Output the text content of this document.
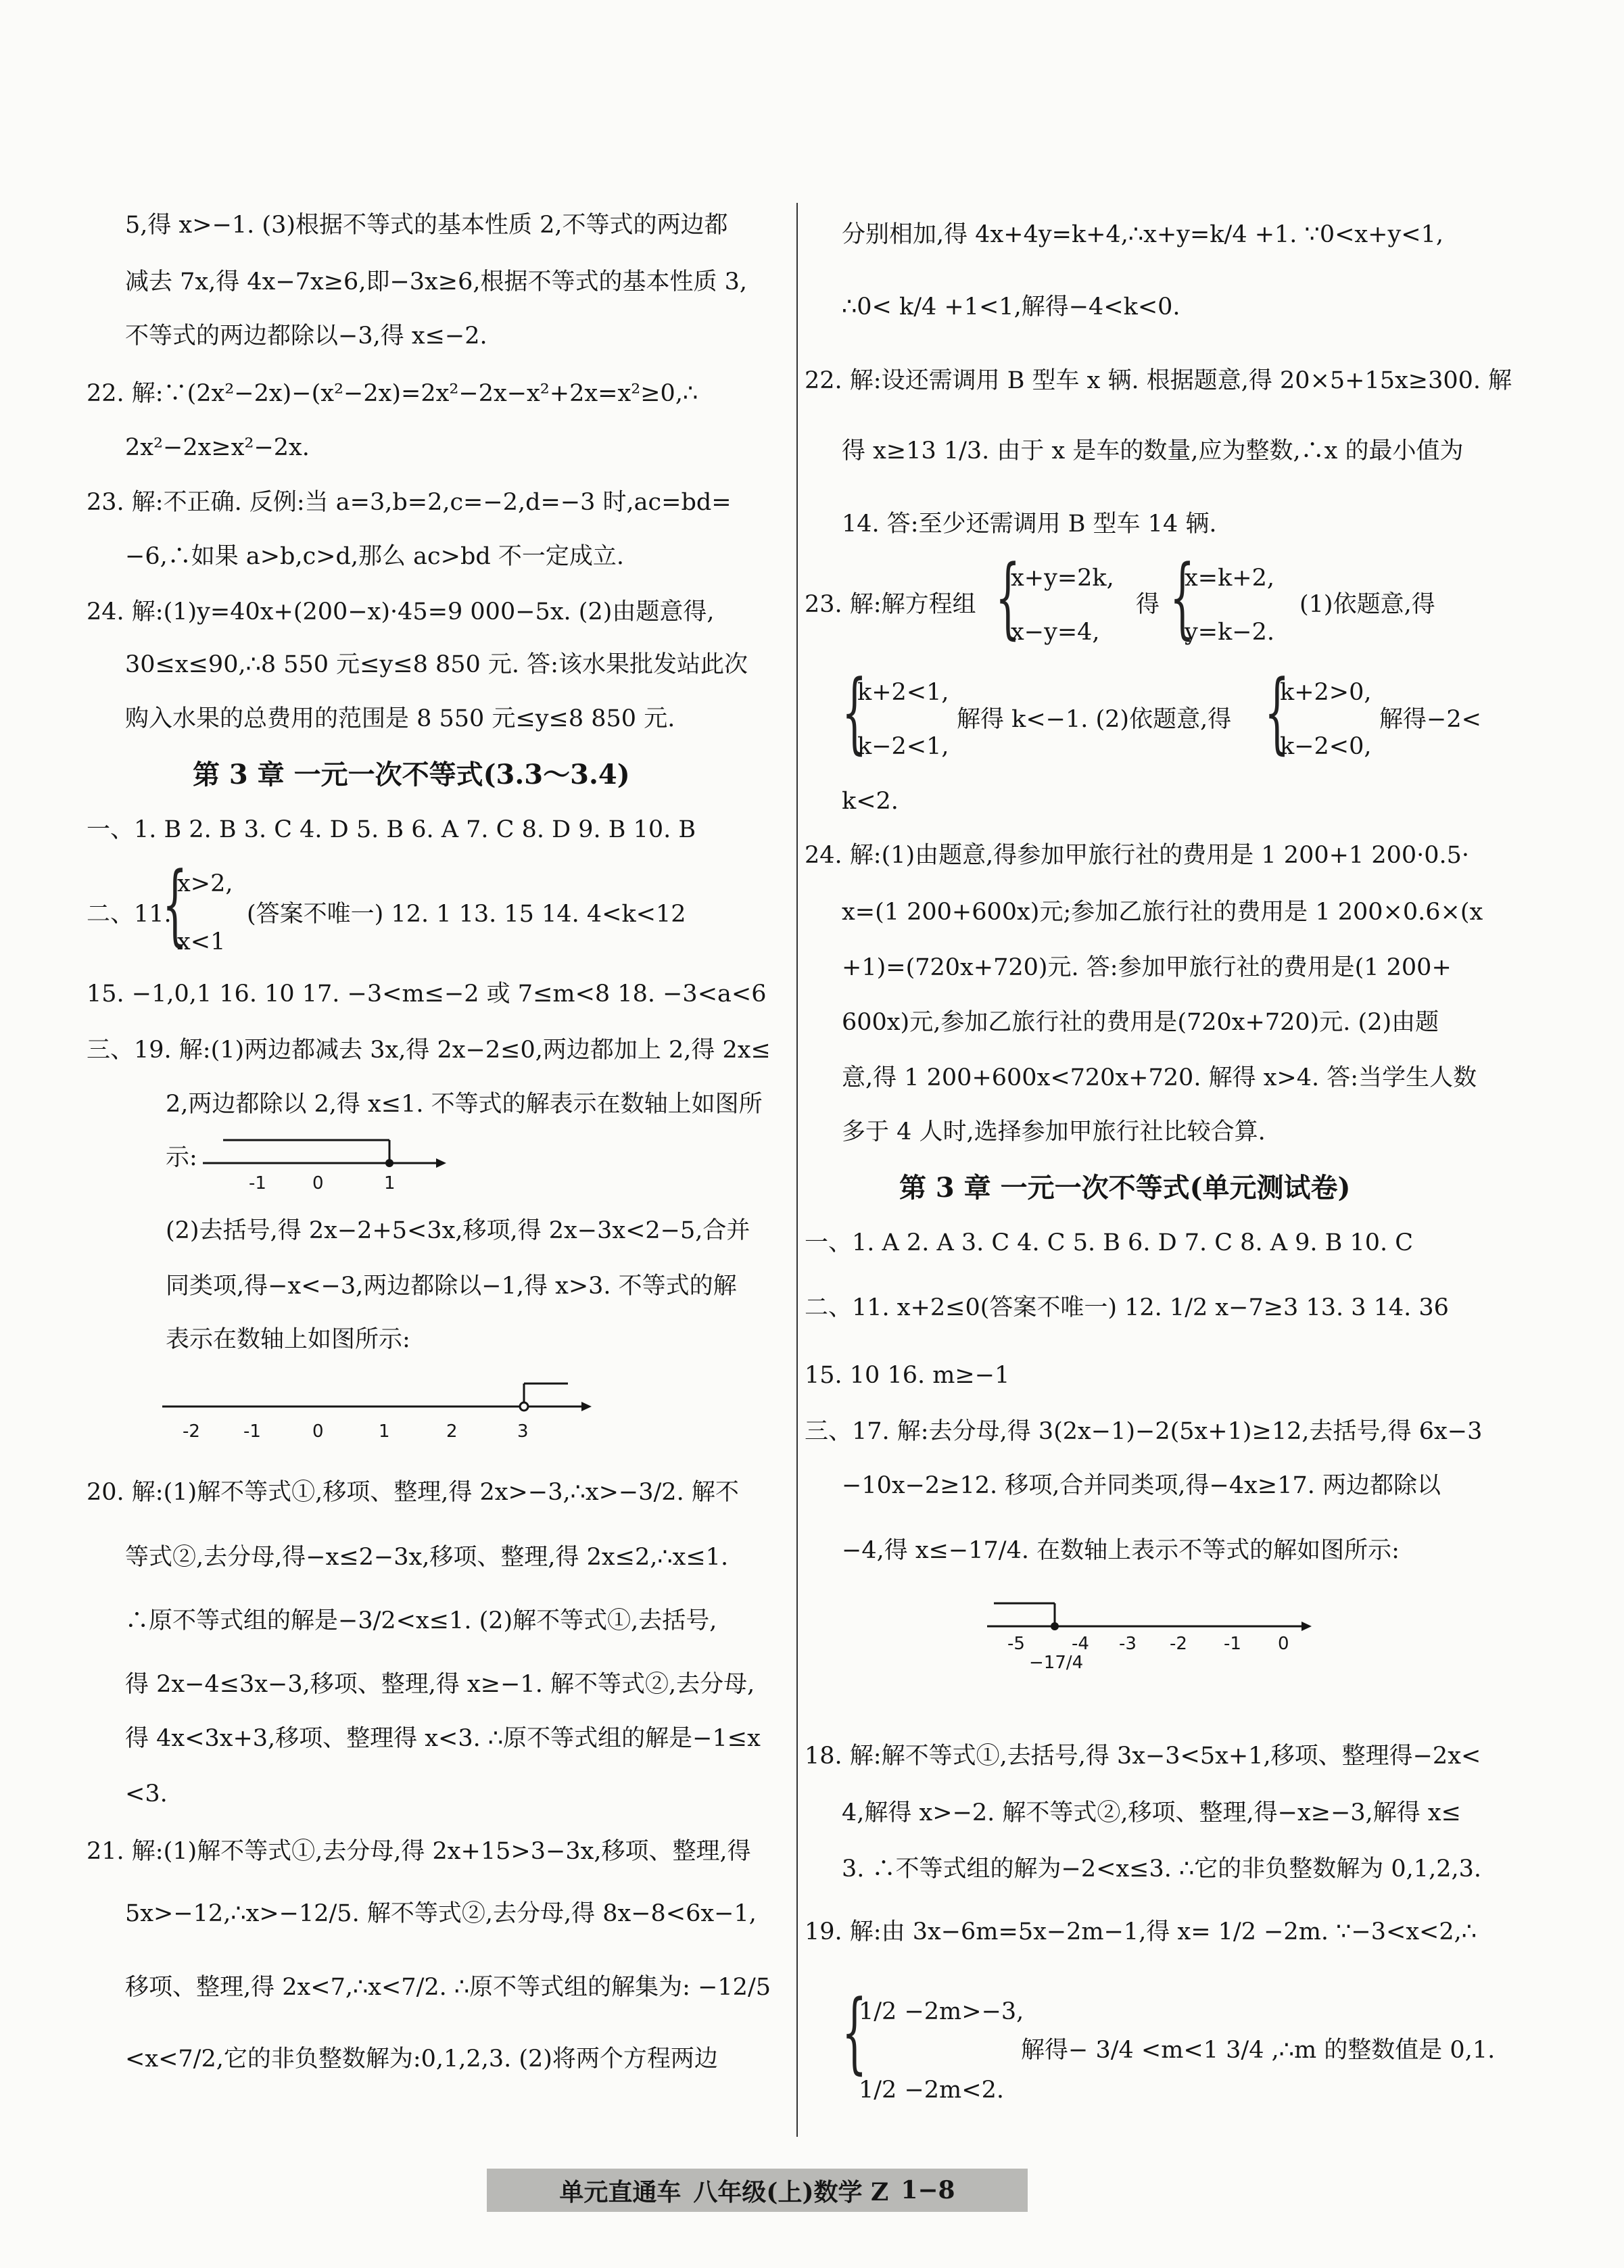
5,得 x>−1. (3)根据不等式的基本性质 2,不等式的两边都
减去 7x,得 4x−7x≥6,即−3x≥6,根据不等式的基本性质 3,
不等式的两边都除以−3,得 x≤−2.
22. 解:∵(2x²−2x)−(x²−2x)=2x²−2x−x²+2x=x²≥0,∴
2x²−2x≥x²−2x.
23. 解:不正确. 反例:当 a=3,b=2,c=−2,d=−3 时,ac=bd=
−6,∴如果 a>b,c>d,那么 ac>bd 不一定成立.
24. 解:(1)y=40x+(200−x)·45=9 000−5x. (2)由题意得,
30≤x≤90,∴8 550 元≤y≤8 850 元. 答:该水果批发站此次
购入水果的总费用的范围是 8 550 元≤y≤8 850 元.
第 3 章 一元一次不等式(3.3～3.4)
一、1. B 2. B 3. C 4. D 5. B 6. A 7. C 8. D 9. B 10. B
二、11.
{
x>2,
(答案不唯一) 12. 1 13. 15 14. 4<k<12
x<1
15. −1,0,1 16. 10 17. −3<m≤−2 或 7≤m<8 18. −3<a<6
三、19. 解:(1)两边都减去 3x,得 2x−2≤0,两边都加上 2,得 2x≤
2,两边都除以 2,得 x≤1. 不等式的解表示在数轴上如图所
示:
-1	0	1
(2)去括号,得 2x−2+5<3x,移项,得 2x−3x<2−5,合并
同类项,得−x<−3,两边都除以−1,得 x>3. 不等式的解
表示在数轴上如图所示:
-2 -1	0	1	2	3
20. 解:(1)解不等式①,移项、整理,得 2x>−3,∴x>−3/2. 解不
等式②,去分母,得−x≤2−3x,移项、整理,得 2x≤2,∴x≤1.
∴原不等式组的解是−3/2<x≤1. (2)解不等式①,去括号,
得 2x−4≤3x−3,移项、整理,得 x≥−1. 解不等式②,去分母,
得 4x<3x+3,移项、整理得 x<3. ∴原不等式组的解是−1≤x
<3.
21. 解:(1)解不等式①,去分母,得 2x+15>3−3x,移项、整理,得
5x>−12,∴x>−12/5. 解不等式②,去分母,得 8x−8<6x−1,
移项、整理,得 2x<7,∴x<7/2. ∴原不等式组的解集为: −12/5
<x<7/2,它的非负整数解为:0,1,2,3. (2)将两个方程两边
分别相加,得 4x+4y=k+4,∴x+y=k/4 +1. ∵0<x+y<1,
∴0< k/4 +1<1,解得−4<k<0.
22. 解:设还需调用 B 型车 x 辆. 根据题意,得 20×5+15x≥300. 解
得 x≥13 1/3. 由于 x 是车的数量,应为整数,∴x 的最小值为
14. 答:至少还需调用 B 型车 14 辆.
23. 解:解方程组 {
x+y=2k,
x−y=4,
得 {
x=k+2,
y=k−2.
(1)依题意,得
{
k+2<1,
k−2<1,
解得 k<−1. (2)依题意,得 {
k+2>0,
k−2<0,
解得−2<
k<2.
24. 解:(1)由题意,得参加甲旅行社的费用是 1 200+1 200·0.5·
x=(1 200+600x)元;参加乙旅行社的费用是 1 200×0.6×(x
+1)=(720x+720)元. 答:参加甲旅行社的费用是(1 200+
600x)元,参加乙旅行社的费用是(720x+720)元. (2)由题
意,得 1 200+600x<720x+720. 解得 x>4. 答:当学生人数
多于 4 人时,选择参加甲旅行社比较合算.
第 3 章 一元一次不等式(单元测试卷)
一、1. A 2. A 3. C 4. C 5. B 6. D 7. C 8. A 9. B 10. C
二、11. x+2≤0(答案不唯一) 12. 1/2 x−7≥3 13. 3 14. 36
15. 10 16. m≥−1
三、17. 解:去分母,得 3(2x−1)−2(5x+1)≥12,去括号,得 6x−3
−10x−2≥12. 移项,合并同类项,得−4x≥17. 两边都除以
−4,得 x≤−17/4. 在数轴上表示不等式的解如图所示:
-5	-4 -3 -2 -1 0
−17/4
18. 解:解不等式①,去括号,得 3x−3<5x+1,移项、整理得−2x<
4,解得 x>−2. 解不等式②,移项、整理,得−x≥−3,解得 x≤
3. ∴不等式组的解为−2<x≤3. ∴它的非负整数解为 0,1,2,3.
19. 解:由 3x−6m=5x−2m−1,得 x= 1/2 −2m. ∵−3<x<2,∴
{
1/2 −2m>−3,
解得− 3/4 <m<1 3/4 ,∴m 的整数值是 0,1.
1/2 −2m<2.
单元直通车 八年级(上)数学 Z 1−8
